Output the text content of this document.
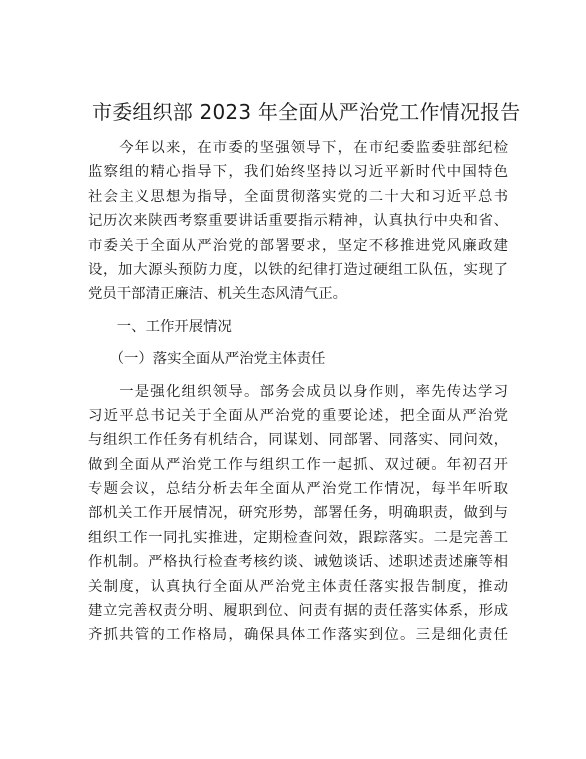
市委组织部 2023 年全面从严治党工作情况报告
　　今年以来，在市委的坚强领导下，在市纪委监委驻部纪检
监察组的精心指导下，我们始终坚持以习近平新时代中国特色
社会主义思想为指导，全面贯彻落实党的二十大和习近平总书
记历次来陕西考察重要讲话重要指示精神，认真执行中央和省、
市委关于全面从严治党的部署要求，坚定不移推进党风廉政建
设，加大源头预防力度，以铁的纪律打造过硬组工队伍，实现了
党员干部清正廉洁、机关生态风清气正。
　　一、工作开展情况
　　（一）落实全面从严治党主体责任
　　一是强化组织领导。部务会成员以身作则，率先传达学习
习近平总书记关于全面从严治党的重要论述，把全面从严治党
与组织工作任务有机结合，同谋划、同部署、同落实、同问效，
做到全面从严治党工作与组织工作一起抓、双过硬。年初召开
专题会议，总结分析去年全面从严治党工作情况，每半年听取
部机关工作开展情况，研究形势，部署任务，明确职责，做到与
组织工作一同扎实推进，定期检查问效，跟踪落实。二是完善工
作机制。严格执行检查考核约谈、诫勉谈话、述职述责述廉等相
关制度，认真执行全面从严治党主体责任落实报告制度，推动
建立完善权责分明、履职到位、问责有据的责任落实体系，形成
齐抓共管的工作格局，确保具体工作落实到位。三是细化责任
